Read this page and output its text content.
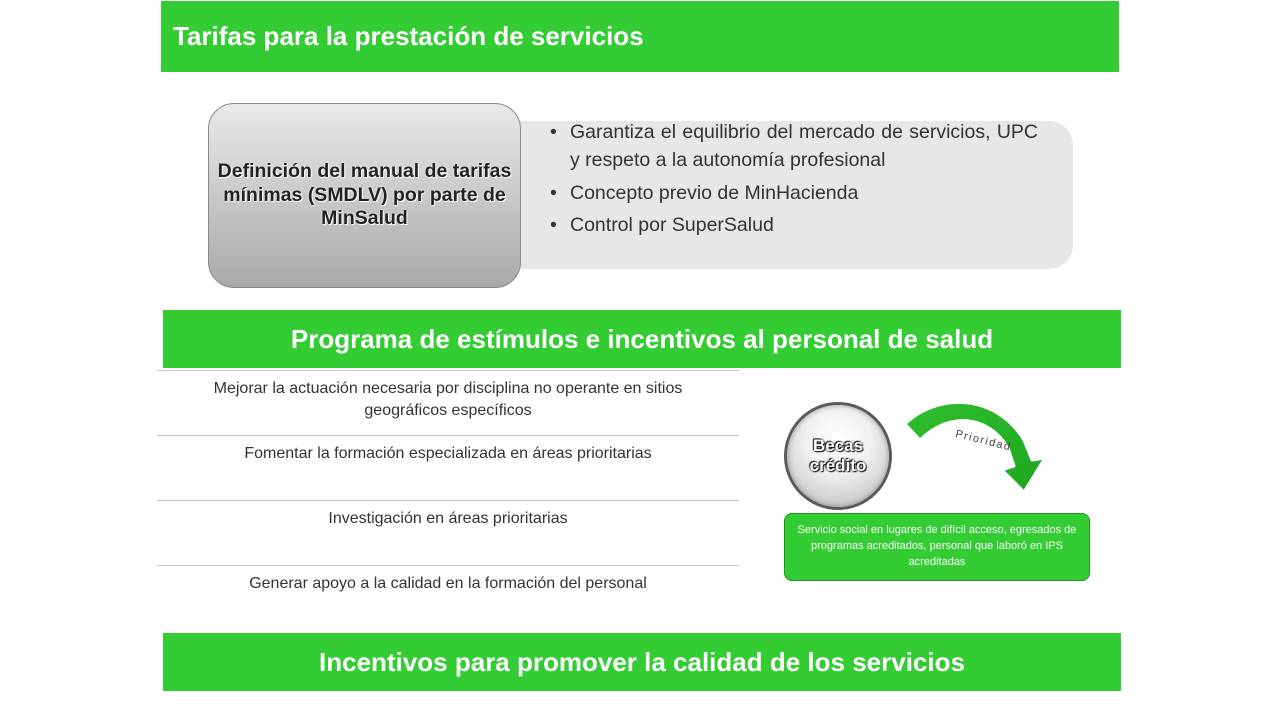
Tarifas para la prestación de servicios
• Garantiza el equilibrio del mercado de servicios, UPC y respeto a la autonomía profesional
• Concepto previo de MinHacienda
• Control por SuperSalud
Definición del manual de tarifas mínimas (SMDLV) por parte de MinSalud
Programa de estímulos e incentivos al personal de salud
Mejorar la actuación necesaria por disciplina no operante en sitios geográficos específicos
Fomentar la formación especializada en áreas prioritarias
Investigación en áreas prioritarias
Generar apoyo a la calidad en la formación del personal
Becas crédito
Prioridad
Servicio social en lugares de difícil acceso, egresados de programas acreditados, personal que laboró en IPS acreditadas
Incentivos para promover la calidad de los servicios
